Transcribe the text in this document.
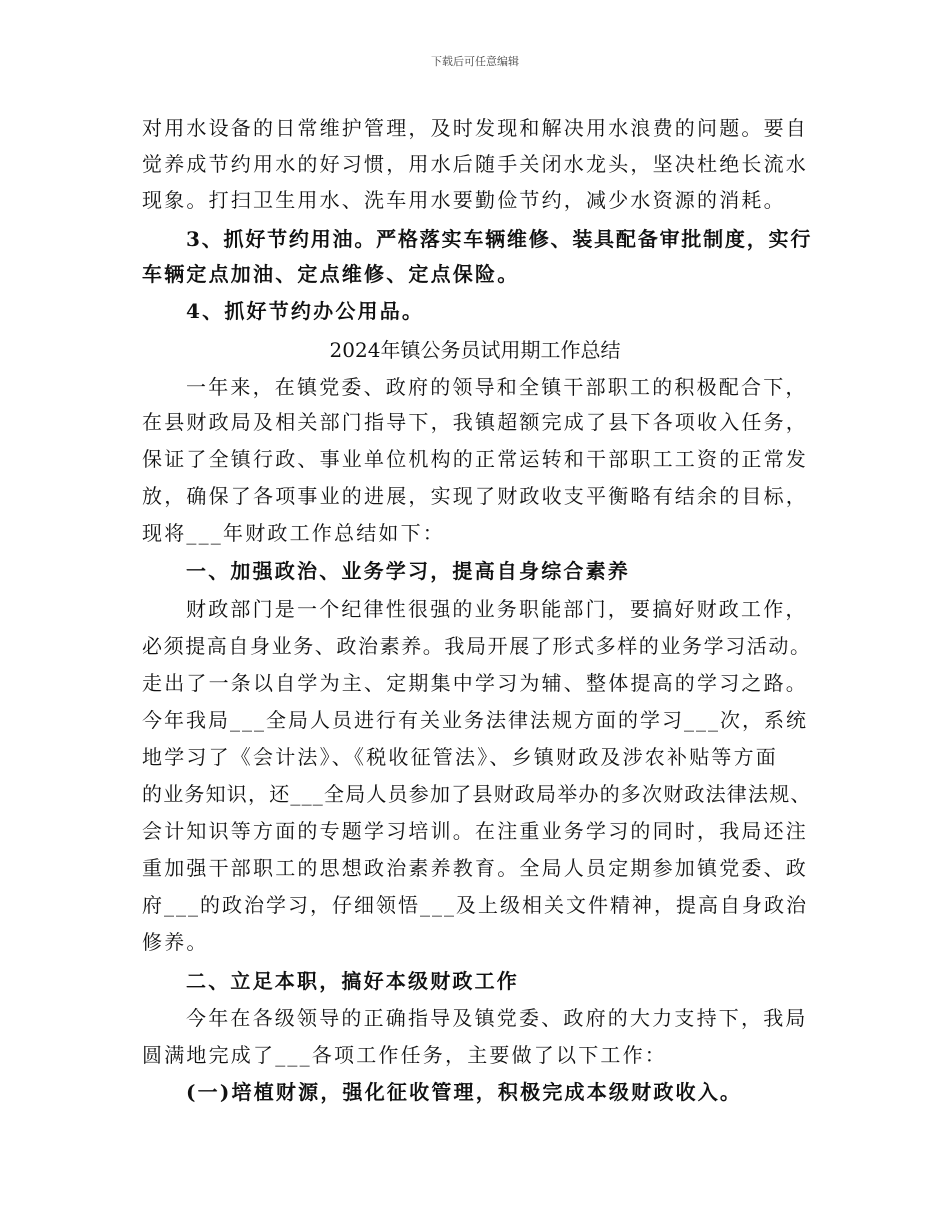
下载后可任意编辑
对用水设备的日常维护管理，及时发现和解决用水浪费的问题。要自
觉养成节约用水的好习惯，用水后随手关闭水龙头，坚决杜绝长流水
现象。打扫卫生用水、洗车用水要勤俭节约，减少水资源的消耗。
3、抓好节约用油。严格落实车辆维修、装具配备审批制度，实行
车辆定点加油、定点维修、定点保险。
4、抓好节约办公用品。
2024年镇公务员试用期工作总结
一年来，在镇党委、政府的领导和全镇干部职工的积极配合下，
在县财政局及相关部门指导下，我镇超额完成了县下各项收入任务，
保证了全镇行政、事业单位机构的正常运转和干部职工工资的正常发
放，确保了各项事业的进展，实现了财政收支平衡略有结余的目标，
现将___年财政工作总结如下：
一、加强政治、业务学习，提高自身综合素养
财政部门是一个纪律性很强的业务职能部门，要搞好财政工作，
必须提高自身业务、政治素养。我局开展了形式多样的业务学习活动。
走出了一条以自学为主、定期集中学习为辅、整体提高的学习之路。
今年我局___全局人员进行有关业务法律法规方面的学习___次，系统
地学习了《会计法》、《税收征管法》、乡镇财政及涉农补贴等方面
的业务知识，还___全局人员参加了县财政局举办的多次财政法律法规、
会计知识等方面的专题学习培训。在注重业务学习的同时，我局还注
重加强干部职工的思想政治素养教育。全局人员定期参加镇党委、政
府___的政治学习，仔细领悟___及上级相关文件精神，提高自身政治
修养。
二、立足本职，搞好本级财政工作
今年在各级领导的正确指导及镇党委、政府的大力支持下，我局
圆满地完成了___各项工作任务，主要做了以下工作：
(一)培植财源，强化征收管理，积极完成本级财政收入。
